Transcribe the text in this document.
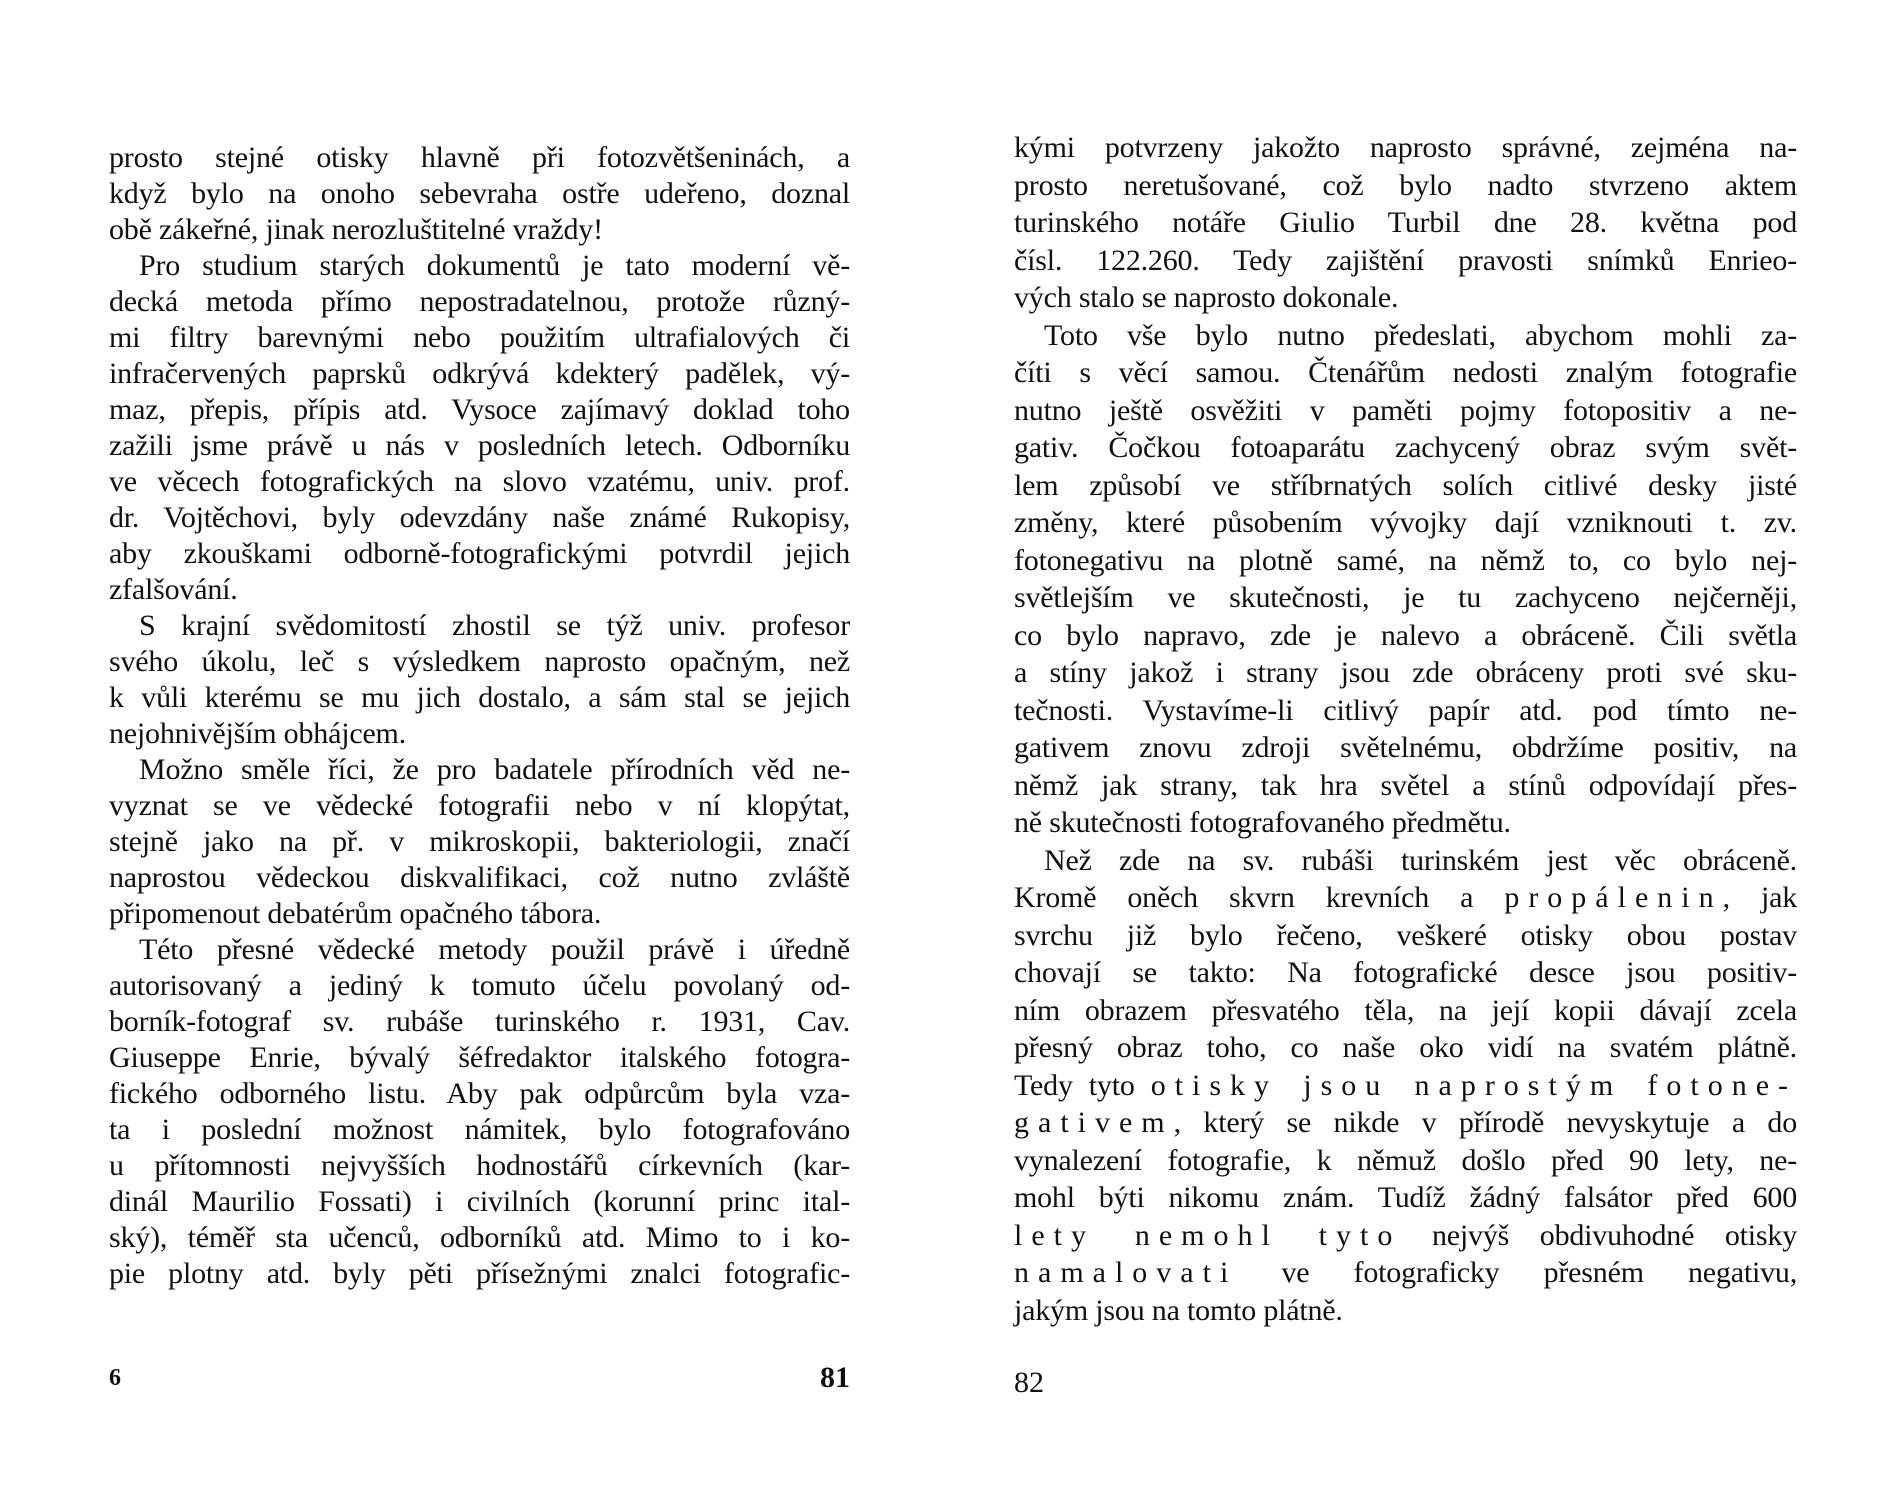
prosto stejné otisky hlavně při fotozvětšeninách, a
když bylo na onoho sebevraha ostře udeřeno, doznal
obě zákeřné, jinak nerozluštitelné vraždy!
Pro studium starých dokumentů je tato moderní vě-
decká metoda přímo nepostradatelnou, protože různý-
mi filtry barevnými nebo použitím ultrafialových či
infračervených paprsků odkrývá kdekterý padělek, vý-
maz, přepis, přípis atd. Vysoce zajímavý doklad toho
zažili jsme právě u nás v posledních letech. Odborníku
ve věcech fotografických na slovo vzatému, univ. prof.
dr. Vojtěchovi, byly odevzdány naše známé Rukopisy,
aby zkouškami odborně-fotografickými potvrdil jejich
zfalšování.
S krajní svědomitostí zhostil se týž univ. profesor
svého úkolu, leč s výsledkem naprosto opačným, než
k vůli kterému se mu jich dostalo, a sám stal se jejich
nejohnivějším obhájcem.
Možno směle říci, že pro badatele přírodních věd ne-
vyznat se ve vědecké fotografii nebo v ní klopýtat,
stejně jako na př. v mikroskopii, bakteriologii, značí
naprostou vědeckou diskvalifikaci, což nutno zvláště
připomenout debatérům opačného tábora.
Této přesné vědecké metody použil právě i úředně
autorisovaný a jediný k tomuto účelu povolaný od-
borník-fotograf sv. rubáše turinského r. 1931, Cav.
Giuseppe Enrie, bývalý šéfredaktor italského fotogra-
fického odborného listu. Aby pak odpůrcům byla vza-
ta i poslední možnost námitek, bylo fotografováno
u přítomnosti nejvyšších hodnostářů církevních (kar-
dinál Maurilio Fossati) i civilních (korunní princ ital-
ský), téměř sta učenců, odborníků atd. Mimo to i ko-
pie plotny atd. byly pěti přísežnými znalci fotografic-
kými potvrzeny jakožto naprosto správné, zejména na-
prosto neretušované, což bylo nadto stvrzeno aktem
turinského notáře Giulio Turbil dne 28. května pod
čísl. 122.260. Tedy zajištění pravosti snímků Enrieo-
vých stalo se naprosto dokonale.
Toto vše bylo nutno předeslati, abychom mohli za-
číti s věcí samou. Čtenářům nedosti znalým fotografie
nutno ještě osvěžiti v paměti pojmy fotopositiv a ne-
gativ. Čočkou fotoaparátu zachycený obraz svým svět-
lem způsobí ve stříbrnatých solích citlivé desky jisté
změny, které působením vývojky dají vzniknouti t. zv.
fotonegativu na plotně samé, na němž to, co bylo nej-
světlejším ve skutečnosti, je tu zachyceno nejčerněji,
co bylo napravo, zde je nalevo a obráceně. Čili světla
a stíny jakož i strany jsou zde obráceny proti své sku-
tečnosti. Vystavíme-li citlivý papír atd. pod tímto ne-
gativem znovu zdroji světelnému, obdržíme positiv, na
němž jak strany, tak hra světel a stínů odpovídají přes-
ně skutečnosti fotografovaného předmětu.
Než zde na sv. rubáši turinském jest věc obráceně.
Kromě oněch skvrn krevních a propálenin, jak
svrchu již bylo řečeno, veškeré otisky obou postav
chovají se takto: Na fotografické desce jsou positiv-
ním obrazem přesvatého těla, na její kopii dávají zcela
přesný obraz toho, co naše oko vidí na svatém plátně.
Tedy tyto otisky jsou naprostým fotone-
gativem, který se nikde v přírodě nevyskytuje a do
vynalezení fotografie, k němuž došlo před 90 lety, ne-
mohl býti nikomu znám. Tudíž žádný falsátor před 600
lety nemohl tyto nejvýš obdivuhodné otisky
namalovati ve fotograficky přesném negativu,
jakým jsou na tomto plátně.
6	81	82
